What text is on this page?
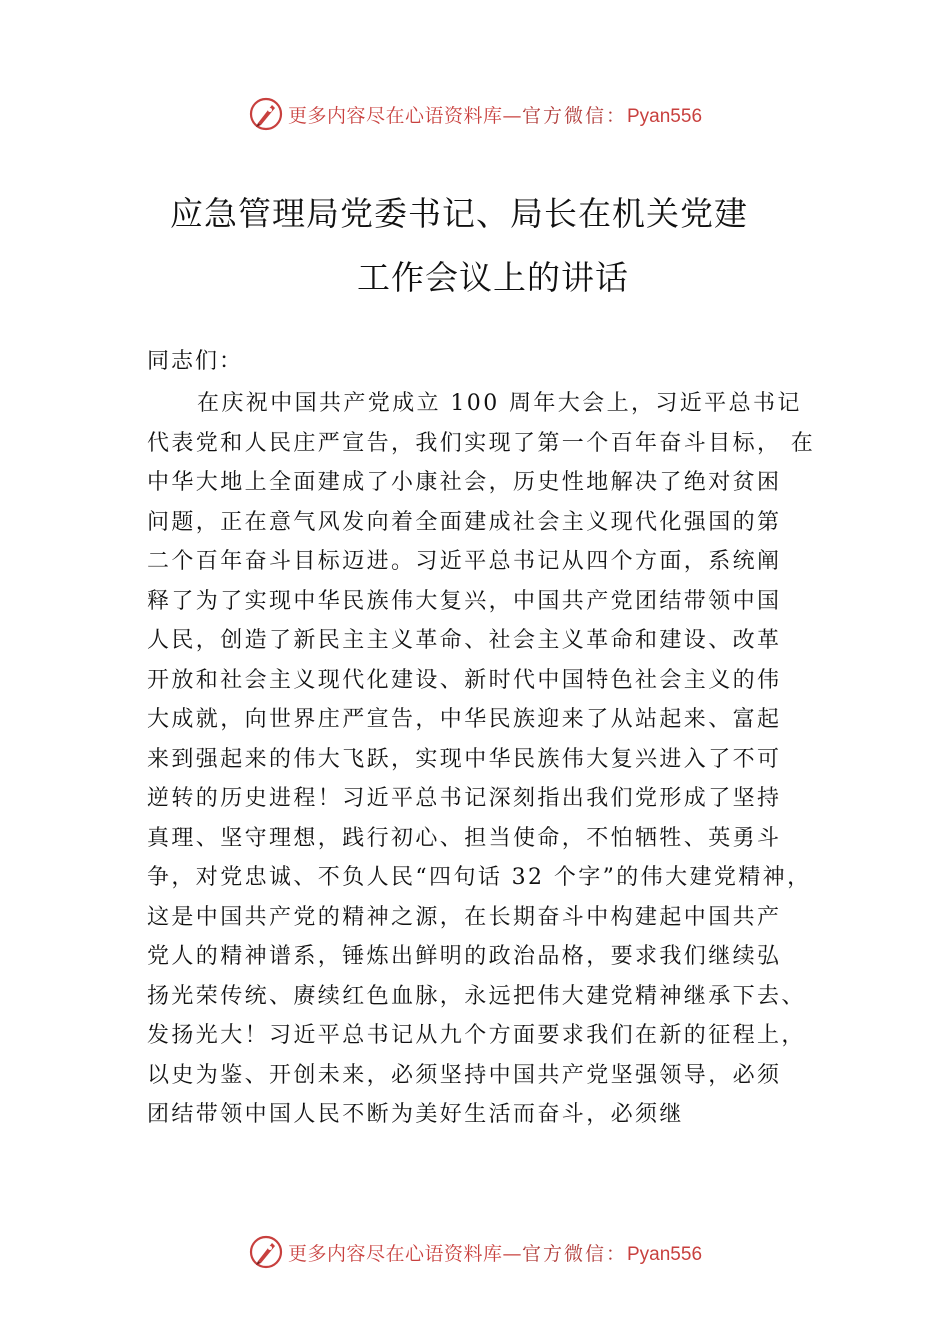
更多内容尽在心语资料库—官方微信：Pyan556
应急管理局党委书记、局长在机关党建
工作会议上的讲话

同志们：

在庆祝中国共产党成立 100 周年大会上，习近平总书记
代表党和人民庄严宣告，我们实现了第一个百年奋斗目标， 在
中华大地上全面建成了小康社会，历史性地解决了绝对贫困
问题，正在意气风发向着全面建成社会主义现代化强国的第
二个百年奋斗目标迈进。习近平总书记从四个方面，系统阐
释了为了实现中华民族伟大复兴，中国共产党团结带领中国
人民，创造了新民主主义革命、社会主义革命和建设、改革
开放和社会主义现代化建设、新时代中国特色社会主义的伟
大成就，向世界庄严宣告，中华民族迎来了从站起来、富起
来到强起来的伟大飞跃，实现中华民族伟大复兴进入了不可
逆转的历史进程！习近平总书记深刻指出我们党形成了坚持
真理、坚守理想，践行初心、担当使命，不怕牺牲、英勇斗
争，对党忠诚、不负人民“四句话 32 个字”的伟大建党精神，
这是中国共产党的精神之源，在长期奋斗中构建起中国共产
党人的精神谱系，锤炼出鲜明的政治品格，要求我们继续弘
扬光荣传统、赓续红色血脉，永远把伟大建党精神继承下去、
发扬光大！习近平总书记从九个方面要求我们在新的征程上，
以史为鉴、开创未来，必须坚持中国共产党坚强领导，必须
团结带领中国人民不断为美好生活而奋斗，必须继
更多内容尽在心语资料库—官方微信：Pyan556
